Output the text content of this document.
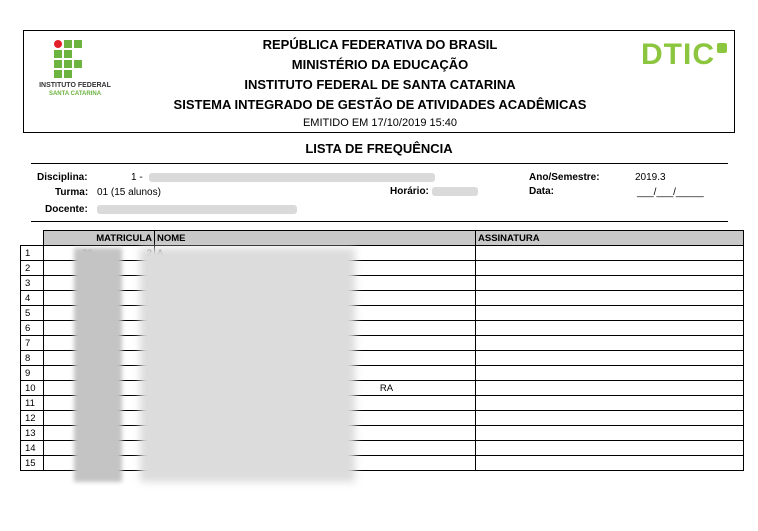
INSTITUTO FEDERAL
SANTA CATARINA
DTIC
REPÚBLICA FEDERATIVA DO BRASIL
MINISTÉRIO DA EDUCAÇÃO
INSTITUTO FEDERAL DE SANTA CATARINA
SISTEMA INTEGRADO DE GESTÃO DE ATIVIDADES ACADÊMICAS
EMITIDO EM 17/10/2019 15:40
LISTA DE FREQUÊNCIA
Disciplina:	1 -
Turma: 01 (15 alunos)	Horário:
Docente:
Ano/Semestre:	2019.3
Data:	___/___/_____
	MATRICULA	NOME	ASSINATURA
1	

2	

3	

4	

5	

6	

7	

8	

9	

10		RA	
11	

12	

13	

14	

15	
